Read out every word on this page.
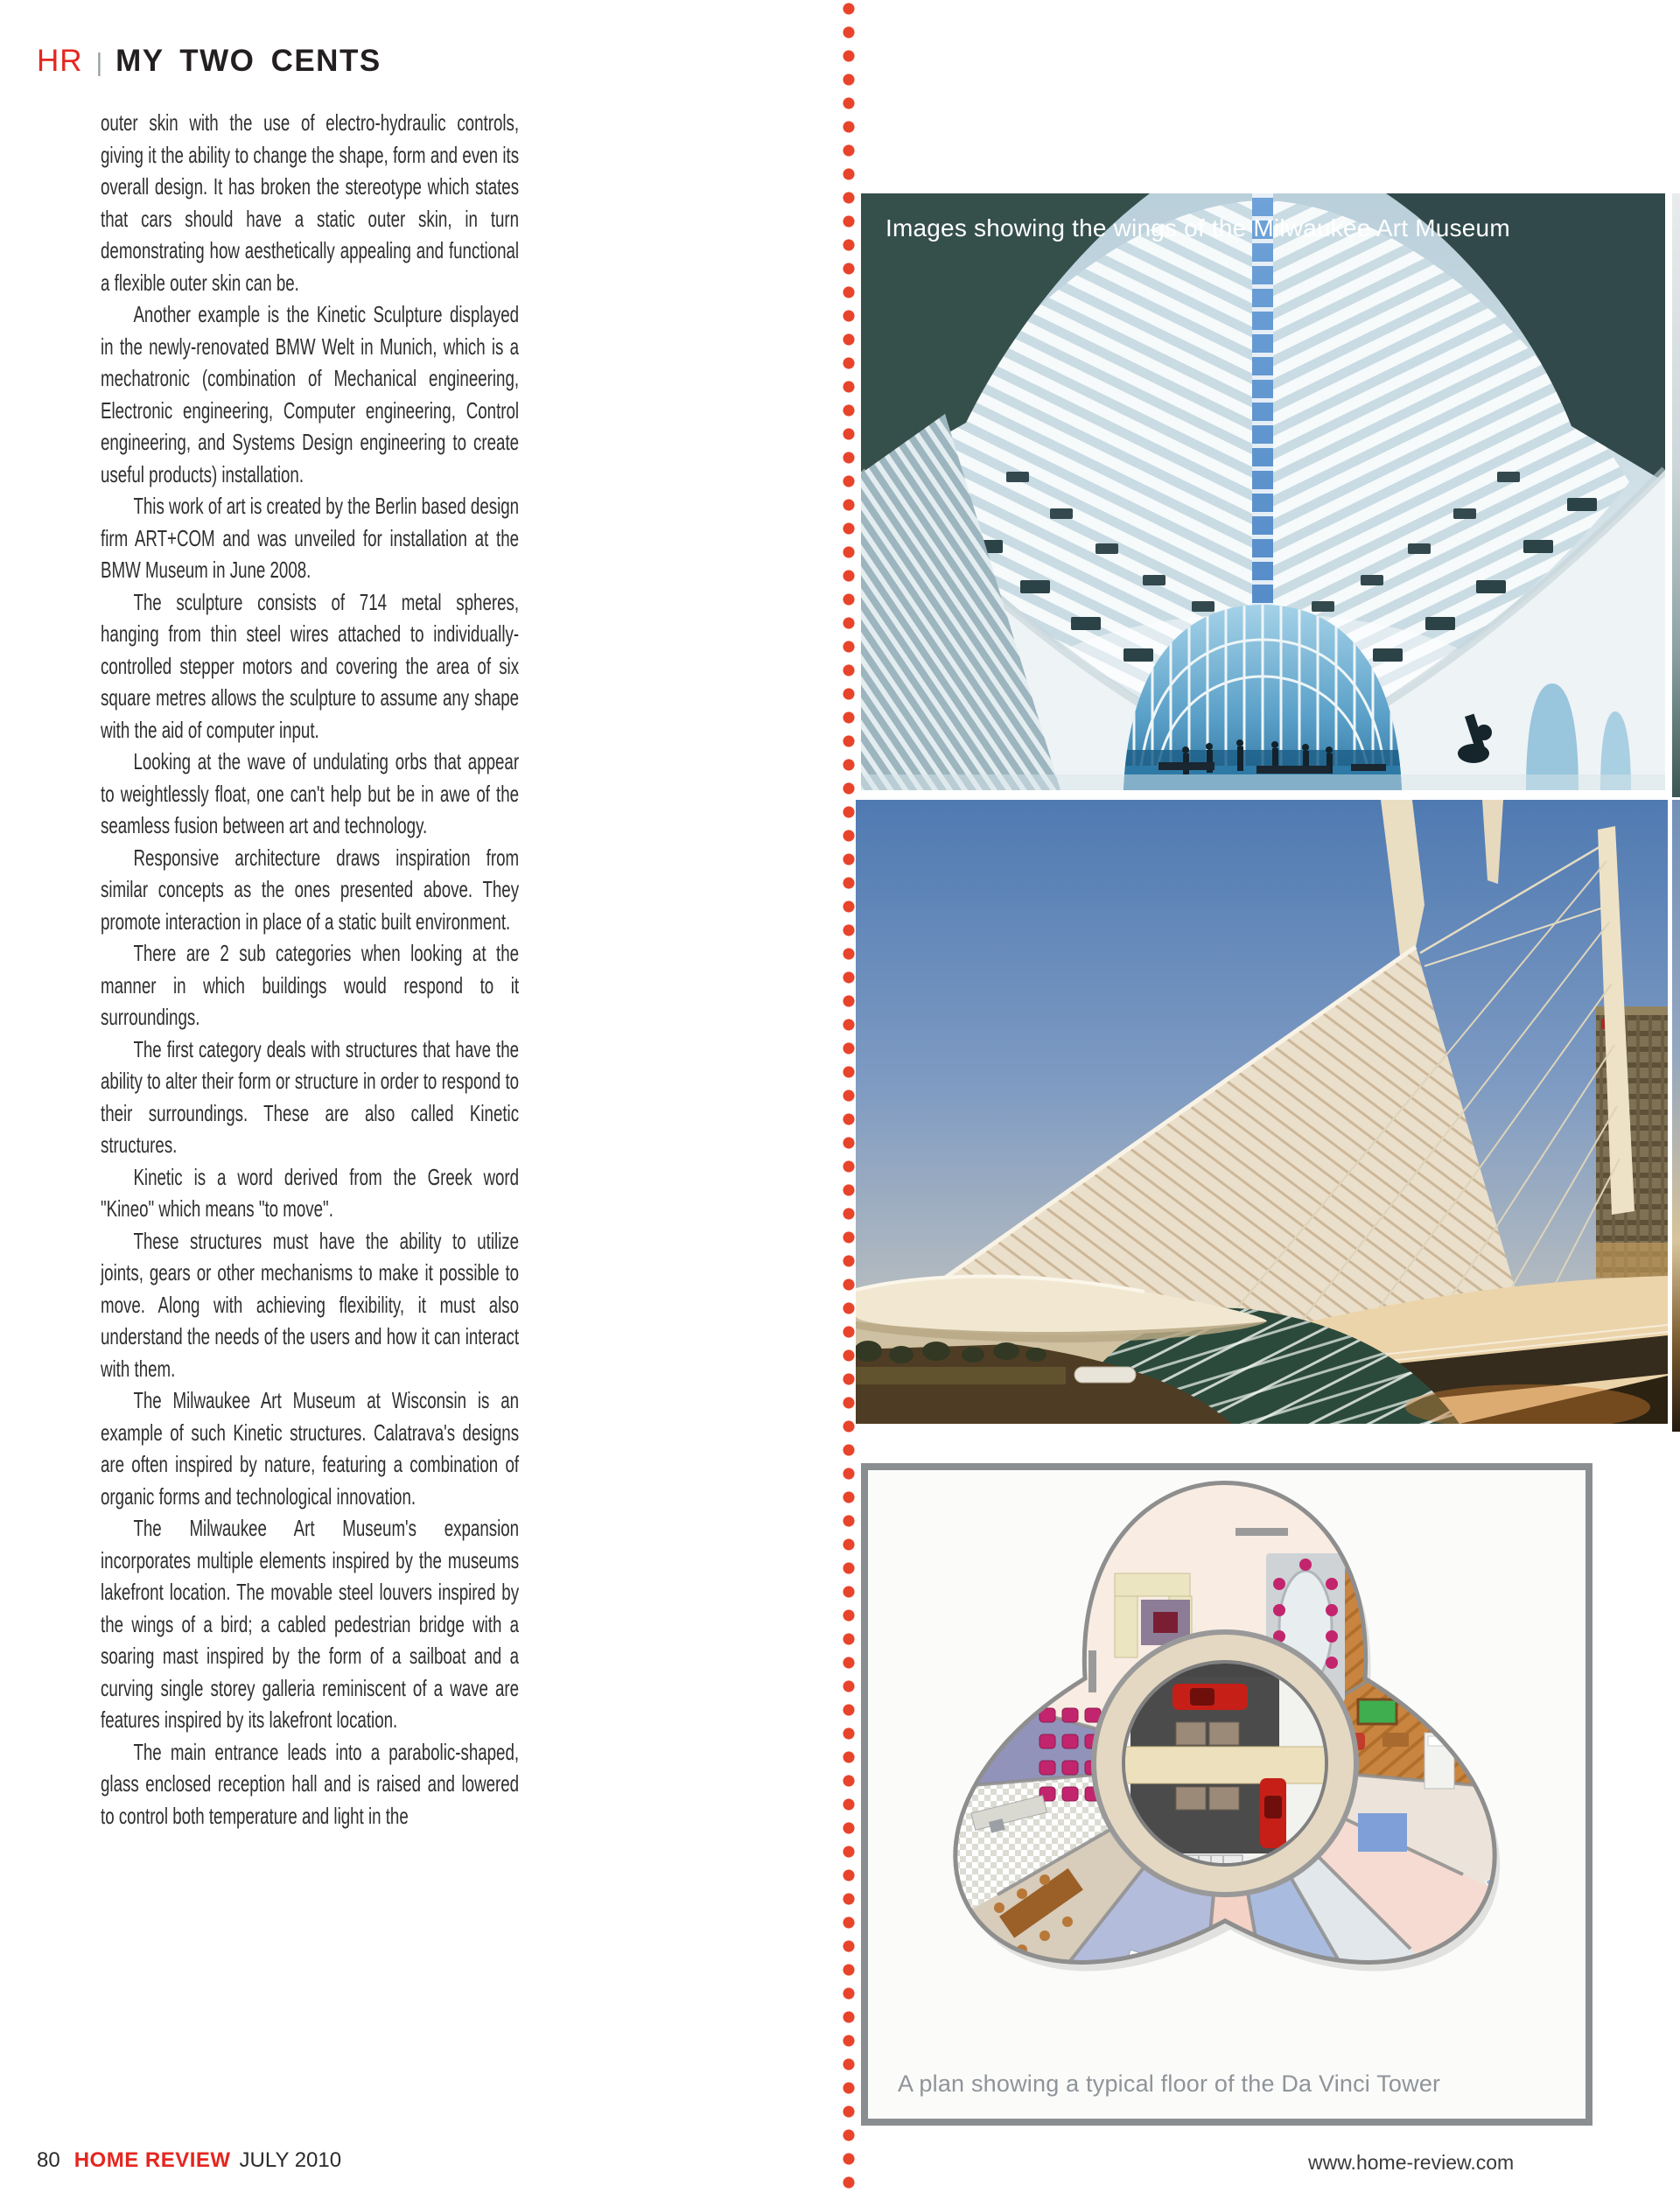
HR | MY TWO CENTS

outer skin with the use of electro-hydraulic controls, giving it the ability to change the shape, form and even its overall design. It has broken the stereotype which states that cars should have a static outer skin, in turn demonstrating how aesthetically appealing and functional a flexible outer skin can be.

Another example is the Kinetic Sculpture displayed in the newly-renovated BMW Welt in Munich, which is a mechatronic (combination of Mechanical engineering, Electronic engineering, Computer engineering, Control engineering, and Systems Design engineering to create useful products) installation.

This work of art is created by the Berlin based design firm ART+COM and was unveiled for installation at the BMW Museum in June 2008.

The sculpture consists of 714 metal spheres, hanging from thin steel wires attached to individually-controlled stepper motors and covering the area of six square metres allows the sculpture to assume any shape with the aid of computer input.

Looking at the wave of undulating orbs that appear to weightlessly float, one can't help but be in awe of the seamless fusion between art and technology.

Responsive architecture draws inspiration from similar concepts as the ones presented above. They promote interaction in place of a static built environment.

There are 2 sub categories when looking at the manner in which buildings would respond to it surroundings.

The first category deals with structures that have the ability to alter their form or structure in order to respond to their surroundings. These are also called Kinetic structures.

Kinetic is a word derived from the Greek word "Kineo" which means "to move".

These structures must have the ability to utilize joints, gears or other mechanisms to make it possible to move. Along with achieving flexibility, it must also understand the needs of the users and how it can interact with them.

The Milwaukee Art Museum at Wisconsin is an example of such Kinetic structures. Calatrava's designs are often inspired by nature, featuring a combination of organic forms and technological innovation.

The Milwaukee Art Museum's expansion incorporates multiple elements inspired by the museums lakefront location. The movable steel louvers inspired by the wings of a bird; a cabled pedestrian bridge with a soaring mast inspired by the form of a sailboat and a curving single storey galleria reminiscent of a wave are features inspired by its lakefront location.

The main entrance leads into a parabolic-shaped, glass enclosed reception hall and is raised and lowered to control both temperature and light in the

Images showing the wings of the Milwaukee Art Museum
A plan showing a typical floor of the Da Vinci Tower
80 HOME REVIEW JULY 2010	www.home-review.com
